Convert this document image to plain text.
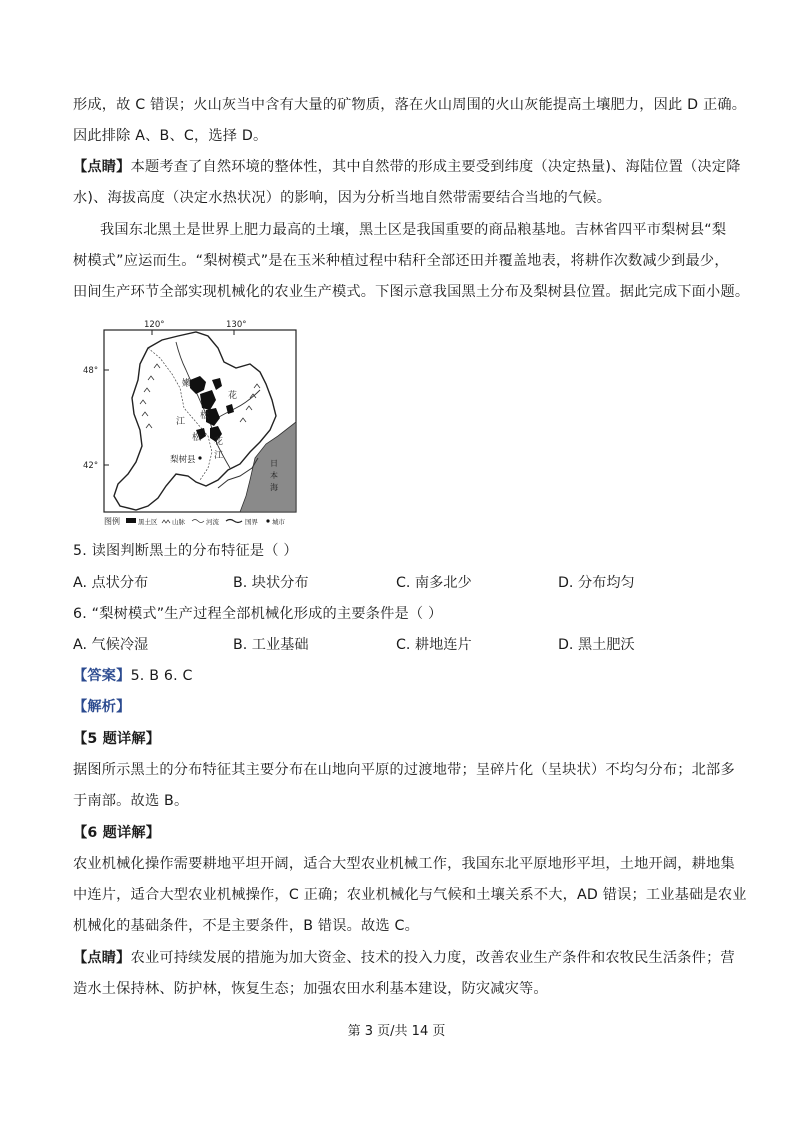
形成，故 C 错误；火山灰当中含有大量的矿物质，落在火山周围的火山灰能提高土壤肥力，因此 D 正确。
因此排除 A、B、C，选择 D。
【点睛】本题考查了自然环境的整体性，其中自然带的形成主要受到纬度（决定热量)、海陆位置（决定降
水)、海拔高度（决定水热状况）的影响，因为分析当地自然带需要结合当地的气候。
我国东北黑土是世界上肥力最高的土壤，黑土区是我国重要的商品粮基地。吉林省四平市梨树县“梨
树模式”应运而生。“梨树模式”是在玉米种植过程中秸秆全部还田并覆盖地表，将耕作次数减少到最少，
田间生产环节全部实现机械化的农业生产模式。下图示意我国黑土分布及梨树县位置。据此完成下面小题。
120°	130°
48°
42°
嫩
江
松
花
松 花
江
梨树县	日
本
海
图例	黑土区 山脉	河流	国界 城市
5. 读图判断黑土的分布特征是（ ）
A. 点状分布	B. 块状分布	C. 南多北少	D. 分布均匀
6. “梨树模式”生产过程全部机械化形成的主要条件是（ ）
A. 气候冷湿	B. 工业基础	C. 耕地连片	D. 黑土肥沃
【答案】5. B 6. C
【解析】
【5 题详解】
据图所示黑土的分布特征其主要分布在山地向平原的过渡地带；呈碎片化（呈块状）不均匀分布；北部多
于南部。故选 B。
【6 题详解】
农业机械化操作需要耕地平坦开阔，适合大型农业机械工作，我国东北平原地形平坦，土地开阔，耕地集
中连片，适合大型农业机械操作，C 正确；农业机械化与气候和土壤关系不大，AD 错误；工业基础是农业
机械化的基础条件，不是主要条件，B 错误。故选 C。
【点睛】农业可持续发展的措施为加大资金、技术的投入力度，改善农业生产条件和农牧民生活条件；营
造水土保持林、防护林，恢复生态；加强农田水利基本建设，防灾减灾等。
第 3 页/共 14 页
